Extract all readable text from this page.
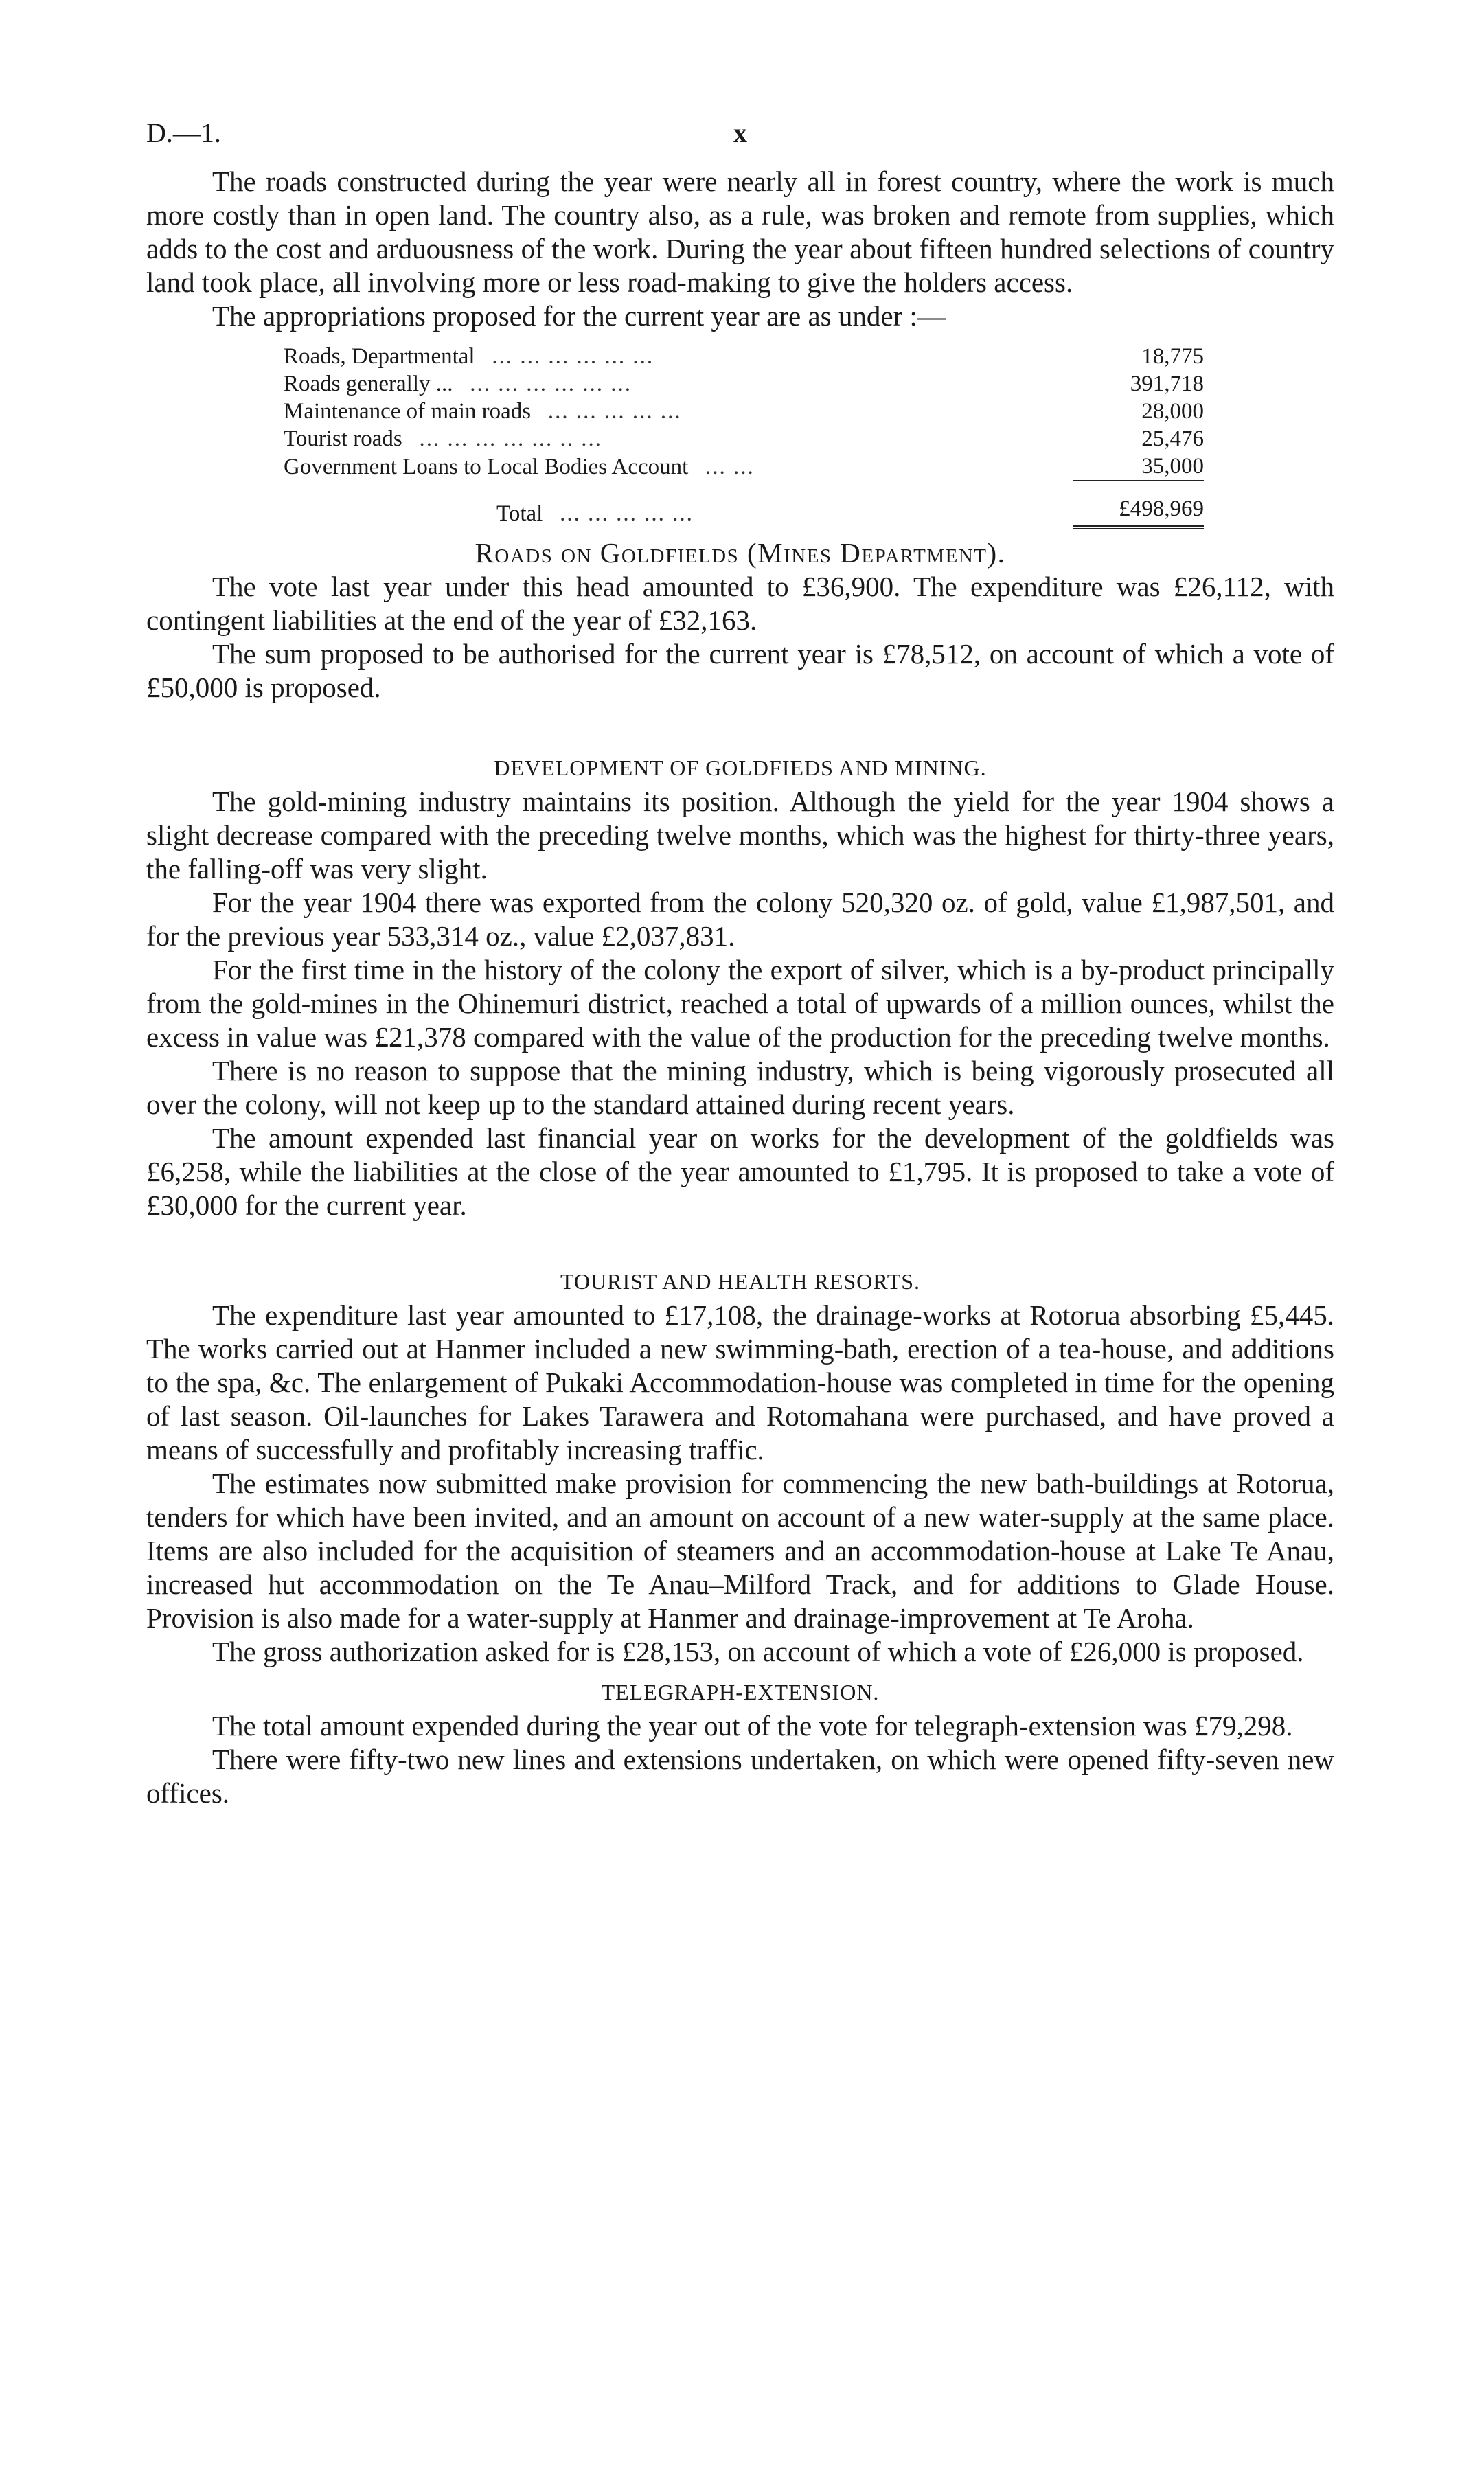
D.—1.	x

The roads constructed during the year were nearly all in forest country, where the work is much more costly than in open land. The country also, as a rule, was broken and remote from supplies, which adds to the cost and arduousness of the work. During the year about fifteen hundred selections of country land took place, all involving more or less road-making to give the holders access.

The appropriations proposed for the current year are as under :—

Roads, Departmental ... ... ... ... ... ...	18,775
Roads generally ... ... ... ... ... ... ...	391,718
Maintenance of main roads ... ... ... ... ...	28,000
Tourist roads ... ... ... ... ... .. ...	25,476
Government Loans to Local Bodies Account ... ...	35,000
Total ... ... ... ... ...	£498,969
Roads on Goldfields (Mines Department).

The vote last year under this head amounted to £36,900. The expenditure was £26,112, with contingent liabilities at the end of the year of £32,163.

The sum proposed to be authorised for the current year is £78,512, on account of which a vote of £50,000 is proposed.

DEVELOPMENT OF GOLDFIEDS AND MINING.

The gold-mining industry maintains its position. Although the yield for the year 1904 shows a slight decrease compared with the preceding twelve months, which was the highest for thirty-three years, the falling-off was very slight.

For the year 1904 there was exported from the colony 520,320 oz. of gold, value £1,987,501, and for the previous year 533,314 oz., value £2,037,831.

For the first time in the history of the colony the export of silver, which is a by-product principally from the gold-mines in the Ohinemuri district, reached a total of upwards of a million ounces, whilst the excess in value was £21,378 compared with the value of the production for the preceding twelve months.

There is no reason to suppose that the mining industry, which is being vigorously prosecuted all over the colony, will not keep up to the standard attained during recent years.

The amount expended last financial year on works for the development of the goldfields was £6,258, while the liabilities at the close of the year amounted to £1,795. It is proposed to take a vote of £30,000 for the current year.

TOURIST AND HEALTH RESORTS.

The expenditure last year amounted to £17,108, the drainage-works at Rotorua absorbing £5,445. The works carried out at Hanmer included a new swimming-bath, erection of a tea-house, and additions to the spa, &c. The enlargement of Pukaki Accommodation-house was completed in time for the opening of last season. Oil-launches for Lakes Tarawera and Rotomahana were purchased, and have proved a means of successfully and profitably increasing traffic.

The estimates now submitted make provision for commencing the new bath-buildings at Rotorua, tenders for which have been invited, and an amount on account of a new water-supply at the same place. Items are also included for the acquisition of steamers and an accommodation-house at Lake Te Anau, increased hut accommodation on the Te Anau–Milford Track, and for additions to Glade House. Provision is also made for a water-supply at Hanmer and drainage-improvement at Te Aroha.

The gross authorization asked for is £28,153, on account of which a vote of £26,000 is proposed.

TELEGRAPH-EXTENSION.

The total amount expended during the year out of the vote for telegraph-extension was £79,298.

There were fifty-two new lines and extensions undertaken, on which were opened fifty-seven new offices.
